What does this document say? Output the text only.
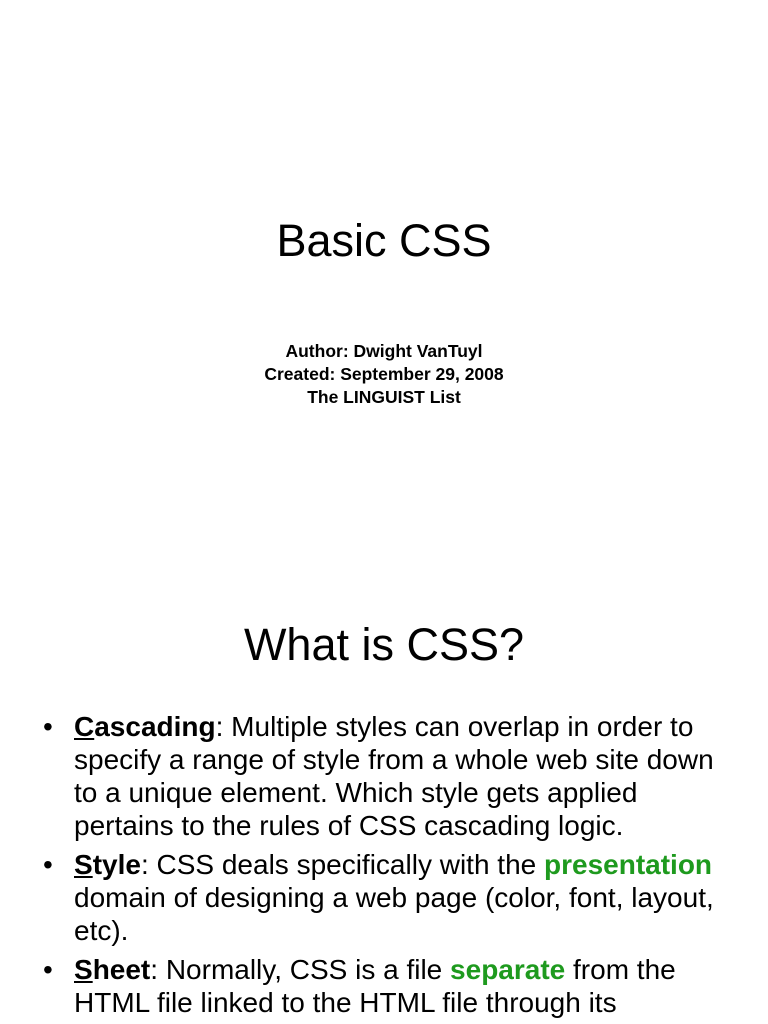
Basic CSS
Author: Dwight VanTuyl
Created: September 29, 2008
The LINGUIST List
What is CSS?
• Cascading: Multiple styles can overlap in order to specify a range of style from a whole web site down to a unique element. Which style gets applied pertains to the rules of CSS cascading logic.
• Style: CSS deals specifically with the presentation domain of designing a web page (color, font, layout, etc).
• Sheet: Normally, CSS is a file separate from the HTML file linked to the HTML file through its
